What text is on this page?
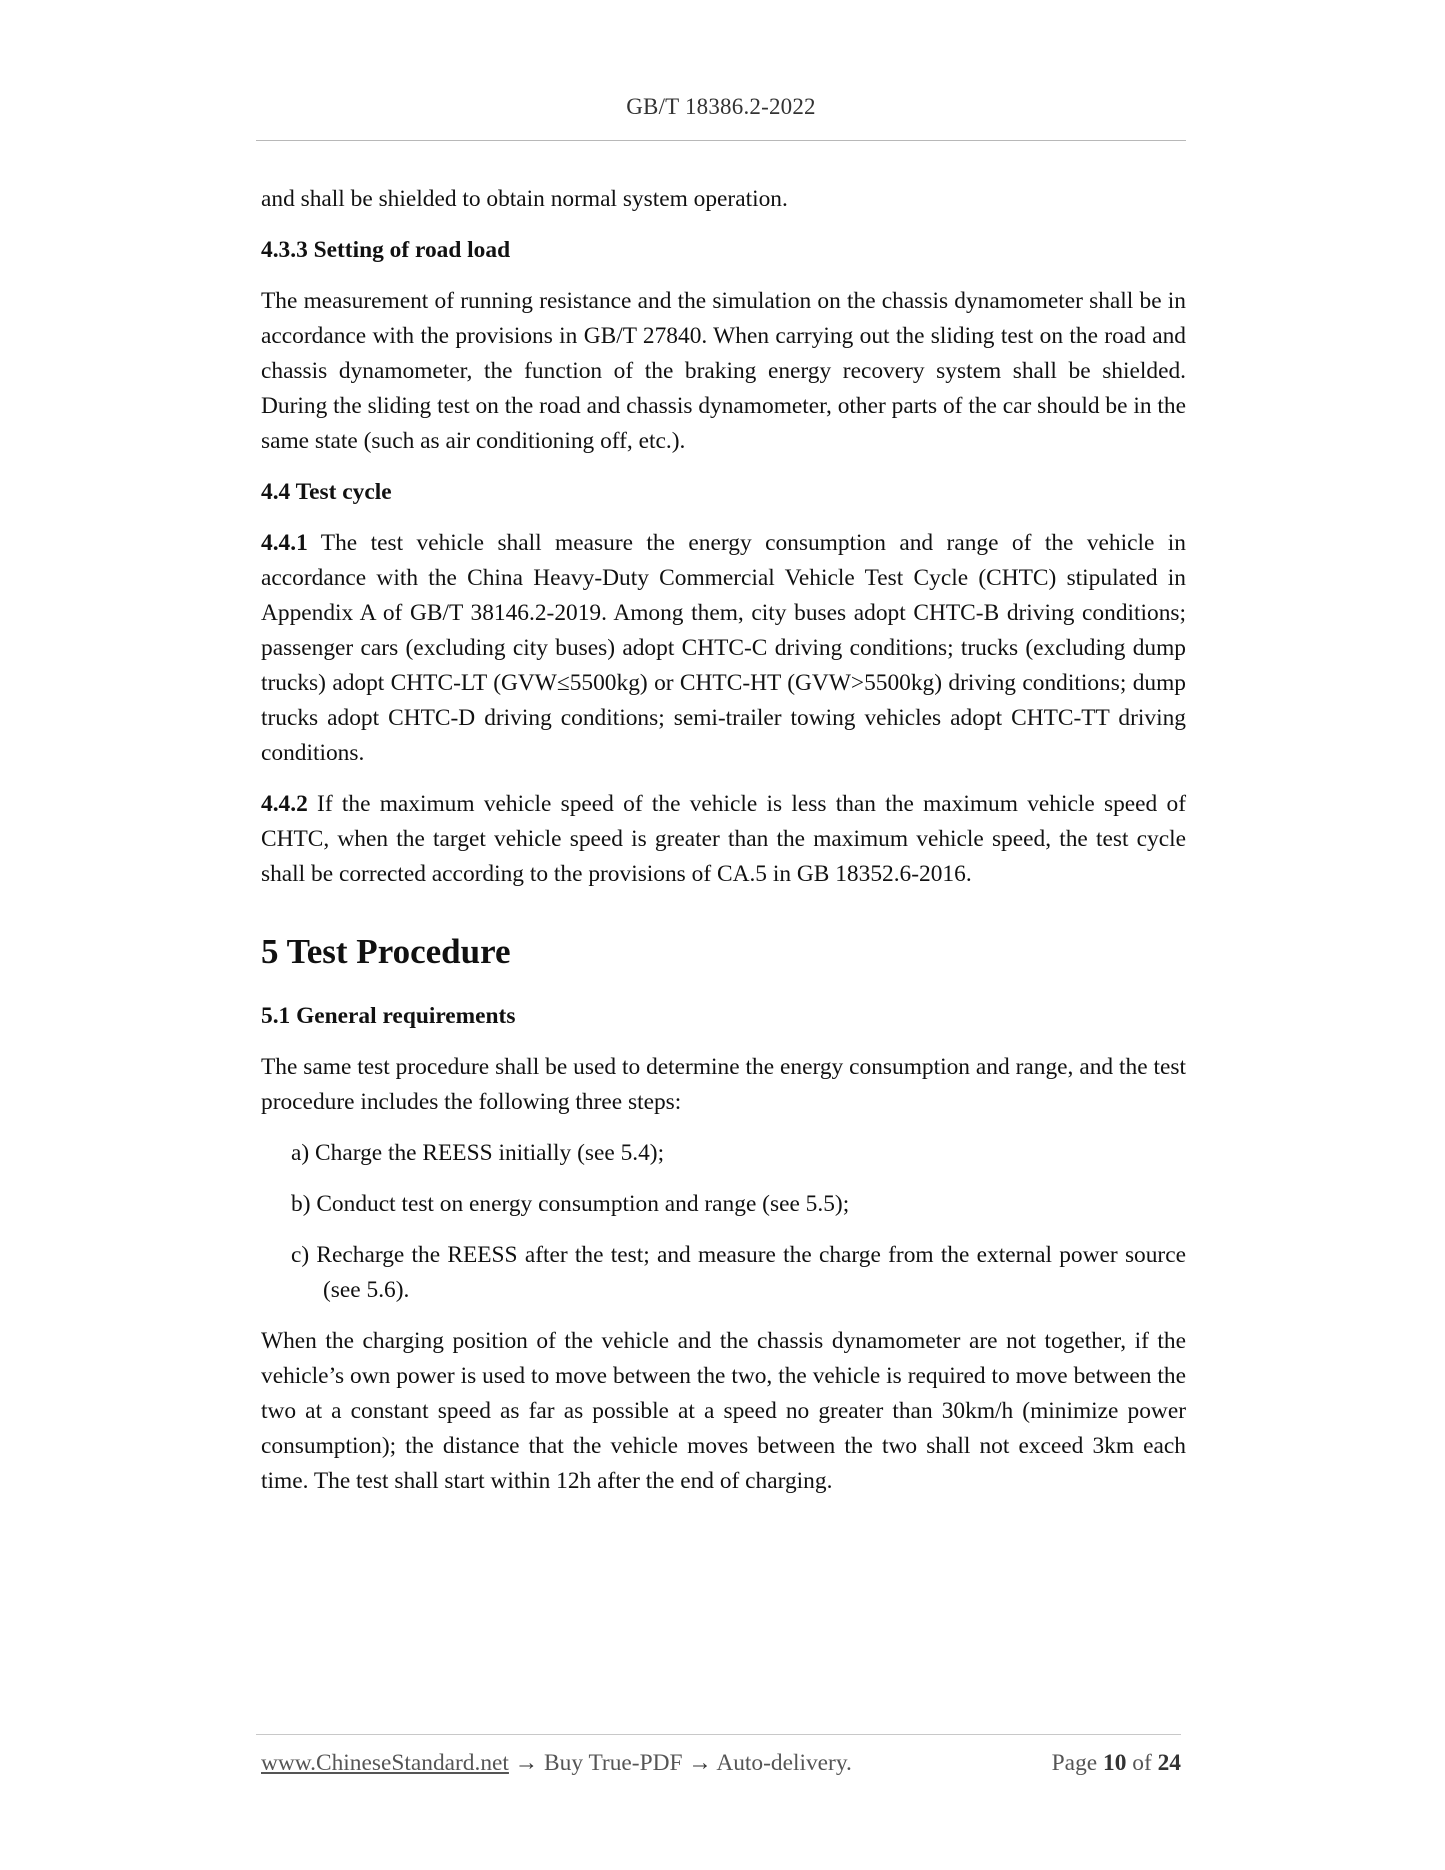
GB/T 18386.2-2022

and shall be shielded to obtain normal system operation.

4.3.3 Setting of road load

The measurement of running resistance and the simulation on the chassis dynamometer shall be in accordance with the provisions in GB/T 27840. When carrying out the sliding test on the road and chassis dynamometer, the function of the braking energy recovery system shall be shielded. During the sliding test on the road and chassis dynamometer, other parts of the car should be in the same state (such as air conditioning off, etc.).

4.4 Test cycle

4.4.1 The test vehicle shall measure the energy consumption and range of the vehicle in accordance with the China Heavy-Duty Commercial Vehicle Test Cycle (CHTC) stipulated in Appendix A of GB/T 38146.2-2019. Among them, city buses adopt CHTC-B driving conditions; passenger cars (excluding city buses) adopt CHTC-C driving conditions; trucks (excluding dump trucks) adopt CHTC-LT (GVW≤5500kg) or CHTC-HT (GVW>5500kg) driving conditions; dump trucks adopt CHTC-D driving conditions; semi-trailer towing vehicles adopt CHTC-TT driving conditions.

4.4.2 If the maximum vehicle speed of the vehicle is less than the maximum vehicle speed of CHTC, when the target vehicle speed is greater than the maximum vehicle speed, the test cycle shall be corrected according to the provisions of CA.5 in GB 18352.6-2016.

5 Test Procedure

5.1 General requirements

The same test procedure shall be used to determine the energy consumption and range, and the test procedure includes the following three steps:

a) Charge the REESS initially (see 5.4);

b) Conduct test on energy consumption and range (see 5.5);

c) Recharge the REESS after the test; and measure the charge from the external power source (see 5.6).

When the charging position of the vehicle and the chassis dynamometer are not together, if the vehicle’s own power is used to move between the two, the vehicle is required to move between the two at a constant speed as far as possible at a speed no greater than 30km/h (minimize power consumption); the distance that the vehicle moves between the two shall not exceed 3km each time. The test shall start within 12h after the end of charging.

www.ChineseStandard.net → Buy True-PDF → Auto-delivery.	Page 10 of 24
